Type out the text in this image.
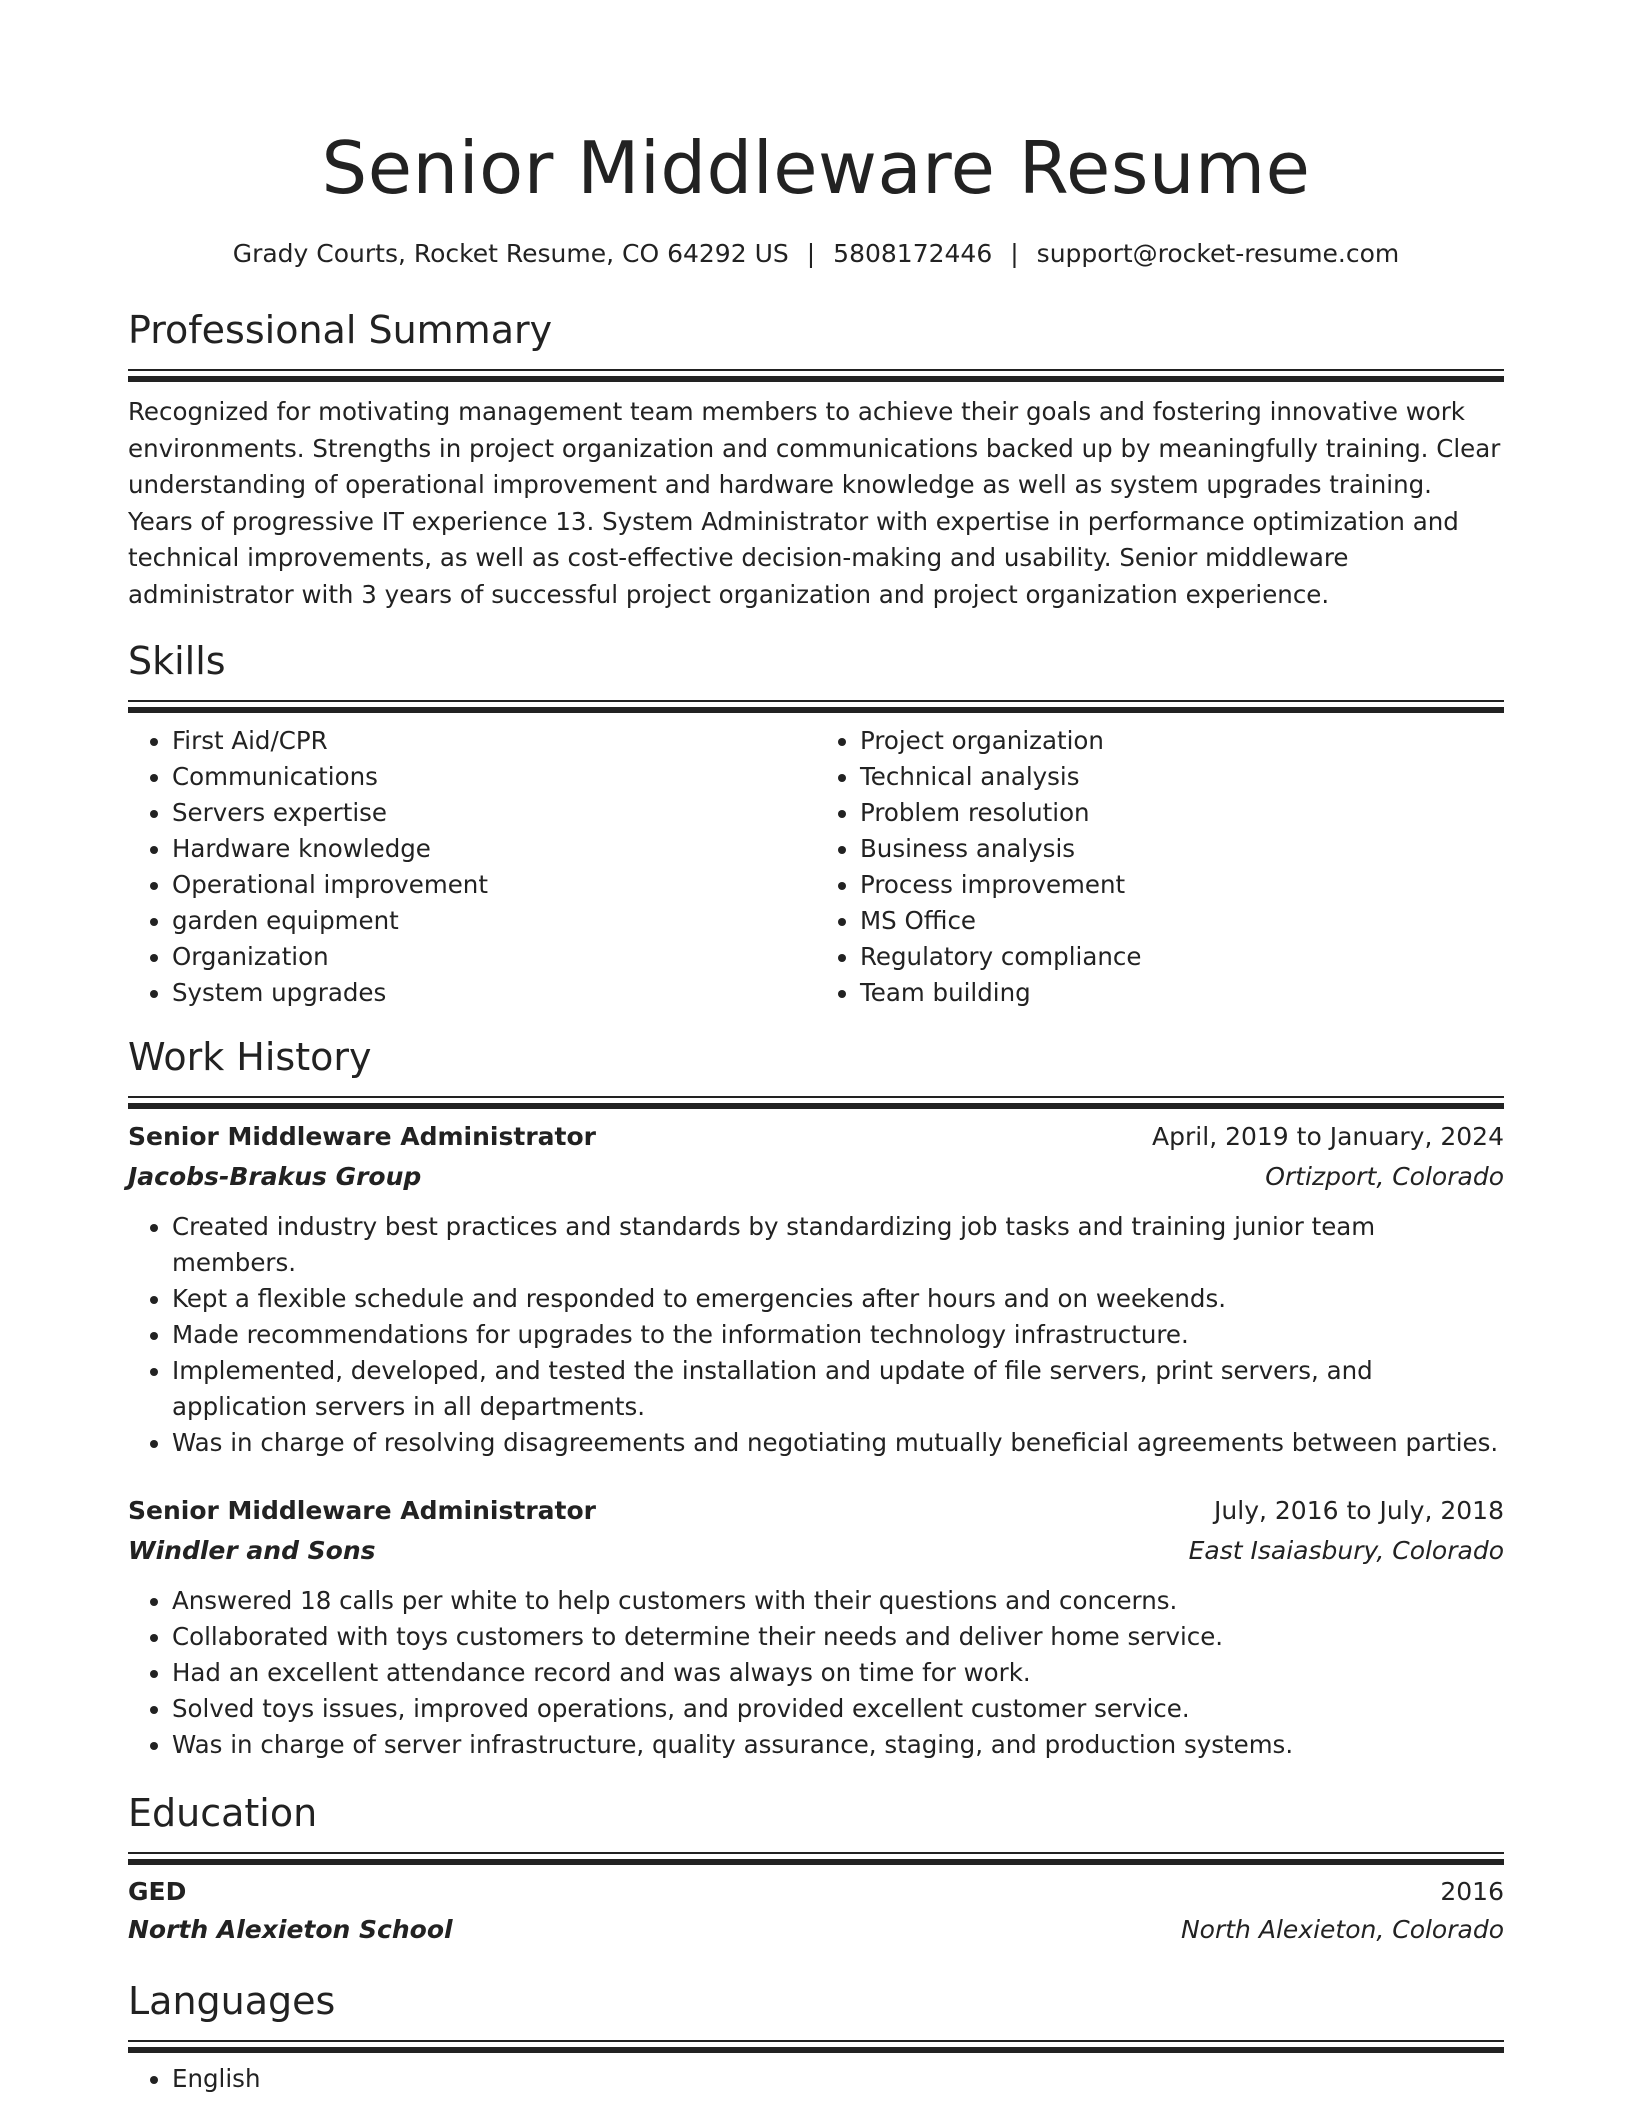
Senior Middleware Resume
Grady Courts, Rocket Resume, CO 64292 US | 5808172446 | support@rocket-resume.com
Professional Summary

Recognized for motivating management team members to achieve their goals and fostering innovative work environments. Strengths in project organization and communications backed up by meaningfully training. Clear understanding of operational improvement and hardware knowledge as well as system upgrades training. Years of progressive IT experience 13. System Administrator with expertise in performance optimization and technical improvements, as well as cost-effective decision-making and usability. Senior middleware administrator with 3 years of successful project organization and project organization experience.

Skills
• First Aid/CPR
• Communications
• Servers expertise
• Hardware knowledge
• Operational improvement
• garden equipment
• Organization
• System upgrades
• Project organization
• Technical analysis
• Problem resolution
• Business analysis
• Process improvement
• MS Office
• Regulatory compliance
• Team building
Work History
Senior Middleware Administrator	April, 2019 to January, 2024
Jacobs-Brakus Group	Ortizport, Colorado
• Created industry best practices and standards by standardizing job tasks and training junior team members.
• Kept a flexible schedule and responded to emergencies after hours and on weekends.
• Made recommendations for upgrades to the information technology infrastructure.
• Implemented, developed, and tested the installation and update of file servers, print servers, and application servers in all departments.
• Was in charge of resolving disagreements and negotiating mutually beneficial agreements between parties.
Senior Middleware Administrator	July, 2016 to July, 2018
Windler and Sons	East Isaiasbury, Colorado
• Answered 18 calls per white to help customers with their questions and concerns.
• Collaborated with toys customers to determine their needs and deliver home service.
• Had an excellent attendance record and was always on time for work.
• Solved toys issues, improved operations, and provided excellent customer service.
• Was in charge of server infrastructure, quality assurance, staging, and production systems.
Education
GED	2016
North Alexieton School	North Alexieton, Colorado
Languages
• English
